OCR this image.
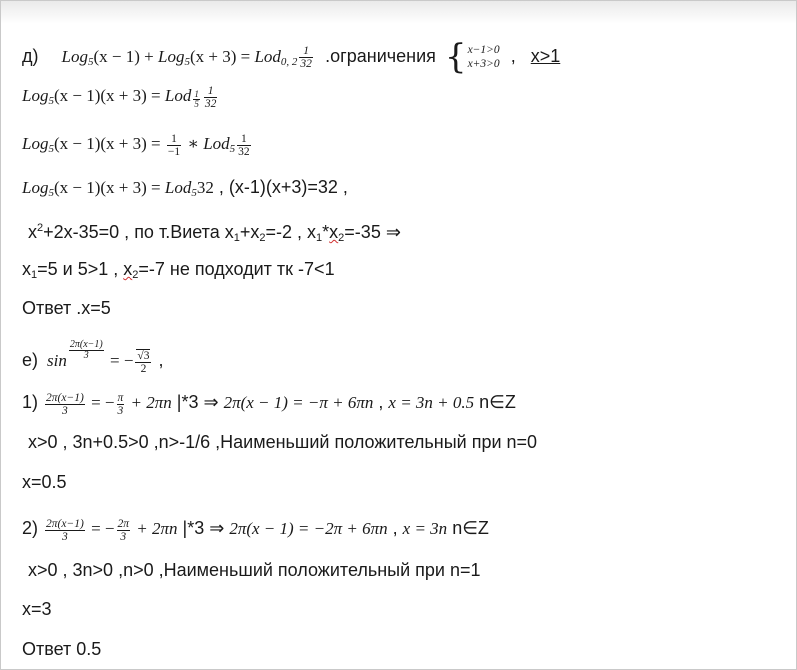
д) $Log_5(x - 1) + Log_5(x + 3) = Lod_{0, 2} \frac{1}{32}$ .ограничения { x−1>0
x+3>0 , x>1
Log$_5$(x − 1)(x + 3) = Lod $\frac{1}{5} \frac{1}{32}$
$Log_5(x - 1)(x + 3) = \frac{1}{-1}$ ∗ $Lod_5 \frac{1}{32}$
Log$_5$(x − 1)(x + 3) = Lod$_5$32 , (x-1)(x+3)=32 ,
$x^2+2x-35=0$ , по т.Виета $x_1+x_2=-2$ , $x_1*x_2=-35$ ⇒
$x_1=5$ и 5>1 , $x_2=-7$ не подходит тк -7<1
Ответ .x=5
е) $\sin \frac{2\pi(x-1)}{3}$ = − $\frac{√3}{2}$ ,
$1) \frac{2\pi(x-1)}{3}$ = − $\frac{\pi}{3} + 2\pi n$ |*3 ⇒ 2π(x − 1) = −π + 6πn , x = 3n + 0.5 n∈Z
x>0 , 3n+0.5>0 ,n>-1/6 ,Наименьший положительный при n=0
x=0.5
$2) \frac{2\pi(x-1)}{3}$ = − $\frac{2\pi}{3} + 2\pi n$ |*3 ⇒ 2π(x − 1) = −2π + 6πn , x = 3n n∈Z
x>0 , 3n>0 ,n>0 ,Наименьший положительный при n=1
x=3
Ответ 0.5
